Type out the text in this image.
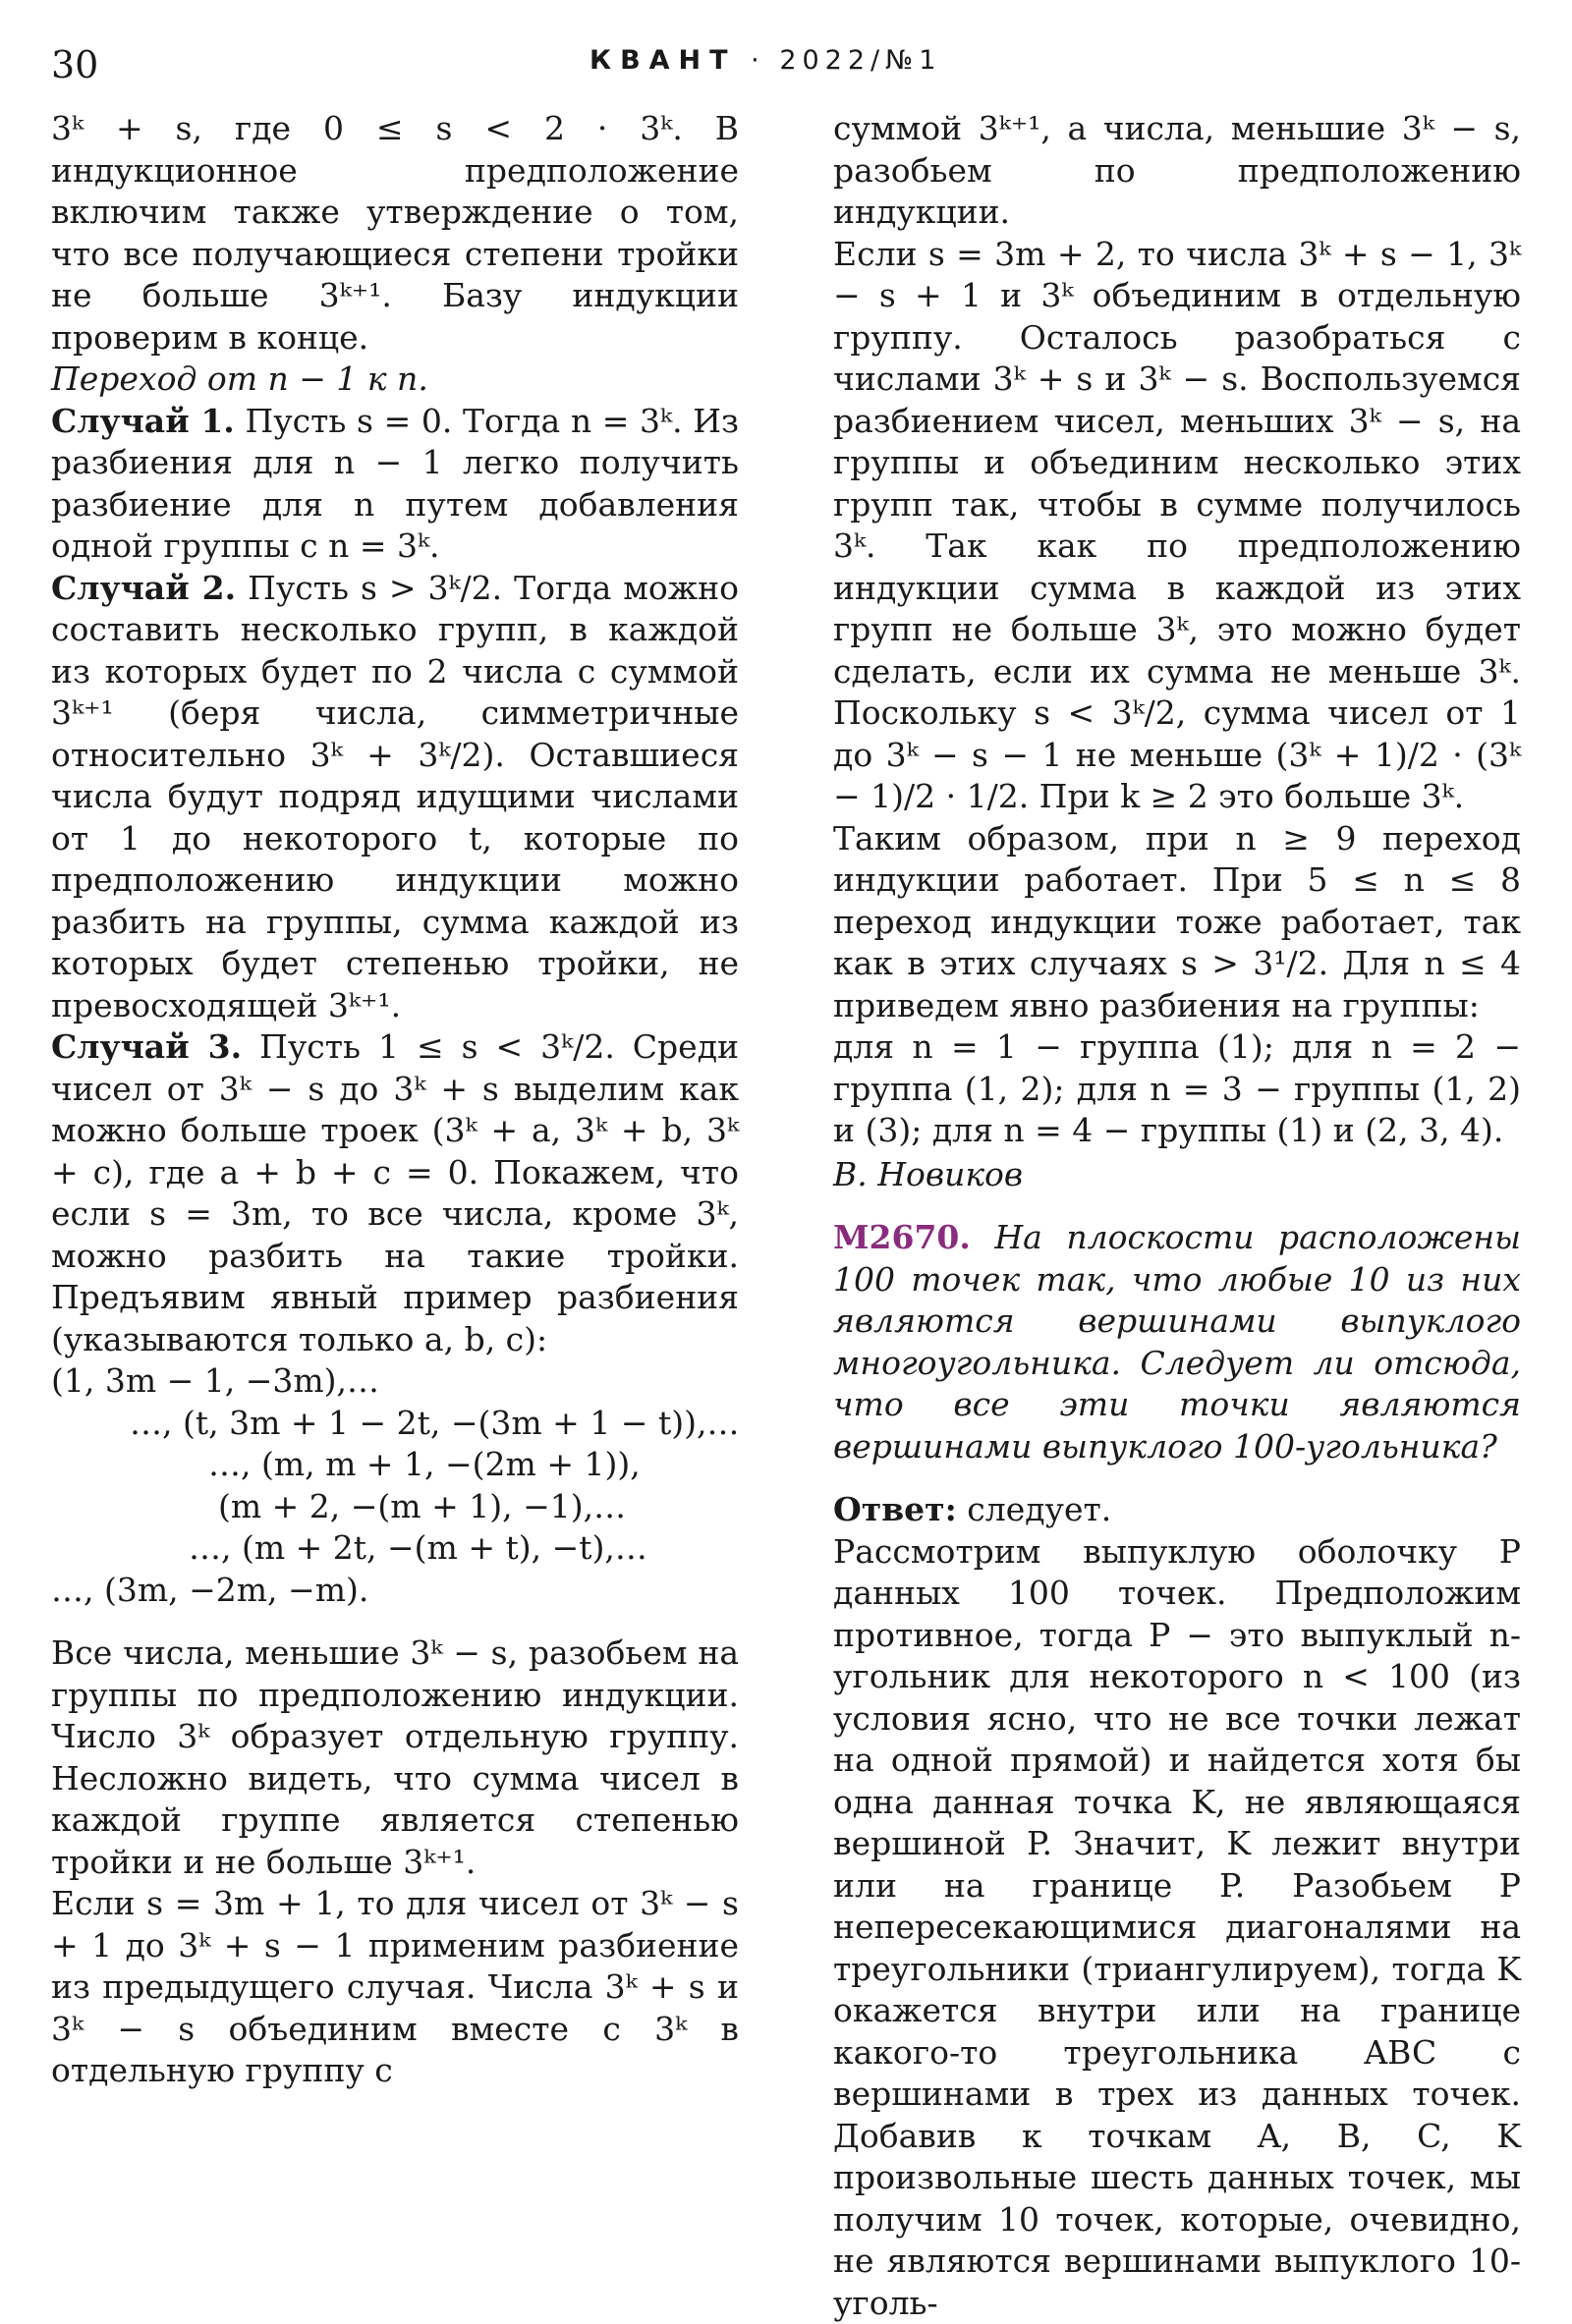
30	КВАНТ · 2022/№1

3ᵏ + s, где 0 ≤ s < 2 · 3ᵏ. В индукционное предположение включим также утверждение о том, что все получающиеся степени тройки не больше 3ᵏ⁺¹. Базу индукции проверим в конце.

Переход от n − 1 к n.

Случай 1. Пусть s = 0. Тогда n = 3ᵏ. Из разбиения для n − 1 легко получить разбиение для n путем добавления одной группы с n = 3ᵏ.

Случай 2. Пусть s > 3ᵏ/2. Тогда можно составить несколько групп, в каждой из которых будет по 2 числа с суммой 3ᵏ⁺¹ (беря числа, симметричные относительно 3ᵏ + 3ᵏ/2). Оставшиеся числа будут подряд идущими числами от 1 до некоторого t, которые по предположению индукции можно разбить на группы, сумма каждой из которых будет степенью тройки, не превосходящей 3ᵏ⁺¹.

Случай 3. Пусть 1 ≤ s < 3ᵏ/2. Среди чисел от 3ᵏ − s до 3ᵏ + s выделим как можно больше троек (3ᵏ + a, 3ᵏ + b, 3ᵏ + c), где a + b + c = 0. Покажем, что если s = 3m, то все числа, кроме 3ᵏ, можно разбить на такие тройки. Предъявим явный пример разбиения (указываются только a, b, c):

(1, 3m − 1, −3m),…

…, (t, 3m + 1 − 2t, −(3m + 1 − t)),…

…, (m, m + 1, −(2m + 1)),

(m + 2, −(m + 1), −1),…

…, (m + 2t, −(m + t), −t),…

…, (3m, −2m, −m).

Все числа, меньшие 3ᵏ − s, разобьем на группы по предположению индукции. Число 3ᵏ образует отдельную группу. Несложно видеть, что сумма чисел в каждой группе является степенью тройки и не больше 3ᵏ⁺¹.

Если s = 3m + 1, то для чисел от 3ᵏ − s + 1 до 3ᵏ + s − 1 применим разбиение из предыдущего случая. Числа 3ᵏ + s и 3ᵏ − s объединим вместе с 3ᵏ в отдельную группу с

суммой 3ᵏ⁺¹, а числа, меньшие 3ᵏ − s, разобьем по предположению индукции.

Если s = 3m + 2, то числа 3ᵏ + s − 1, 3ᵏ − s + 1 и 3ᵏ объединим в отдельную группу. Осталось разобраться с числами 3ᵏ + s и 3ᵏ − s. Воспользуемся разбиением чисел, меньших 3ᵏ − s, на группы и объединим несколько этих групп так, чтобы в сумме получилось 3ᵏ. Так как по предположению индукции сумма в каждой из этих групп не больше 3ᵏ, это можно будет сделать, если их сумма не меньше 3ᵏ. Поскольку s < 3ᵏ/2, сумма чисел от 1 до 3ᵏ − s − 1 не меньше (3ᵏ + 1)/2 · (3ᵏ − 1)/2 · 1/2. При k ≥ 2 это больше 3ᵏ.

Таким образом, при n ≥ 9 переход индукции работает. При 5 ≤ n ≤ 8 переход индукции тоже работает, так как в этих случаях s > 3¹/2. Для n ≤ 4 приведем явно разбиения на группы:

для n = 1 − группа (1); для n = 2 − группа (1, 2); для n = 3 − группы (1, 2) и (3); для n = 4 − группы (1) и (2, 3, 4).

В. Новиков

М2670. На плоскости расположены 100 точек так, что любые 10 из них являются вершинами выпуклого многоугольника. Следует ли отсюда, что все эти точки являются вершинами выпуклого 100-угольника?

Ответ: следует.

Рассмотрим выпуклую оболочку P данных 100 точек. Предположим противное, тогда P − это выпуклый n-угольник для некоторого n < 100 (из условия ясно, что не все точки лежат на одной прямой) и найдется хотя бы одна данная точка K, не являющаяся вершиной P. Значит, K лежит внутри или на границе P. Разобьем P непересекающимися диагоналями на треугольники (триангулируем), тогда K окажется внутри или на границе какого-то треугольника ABC с вершинами в трех из данных точек. Добавив к точкам A, B, C, K произвольные шесть данных точек, мы получим 10 точек, которые, очевидно, не являются вершинами выпуклого 10-уголь-
